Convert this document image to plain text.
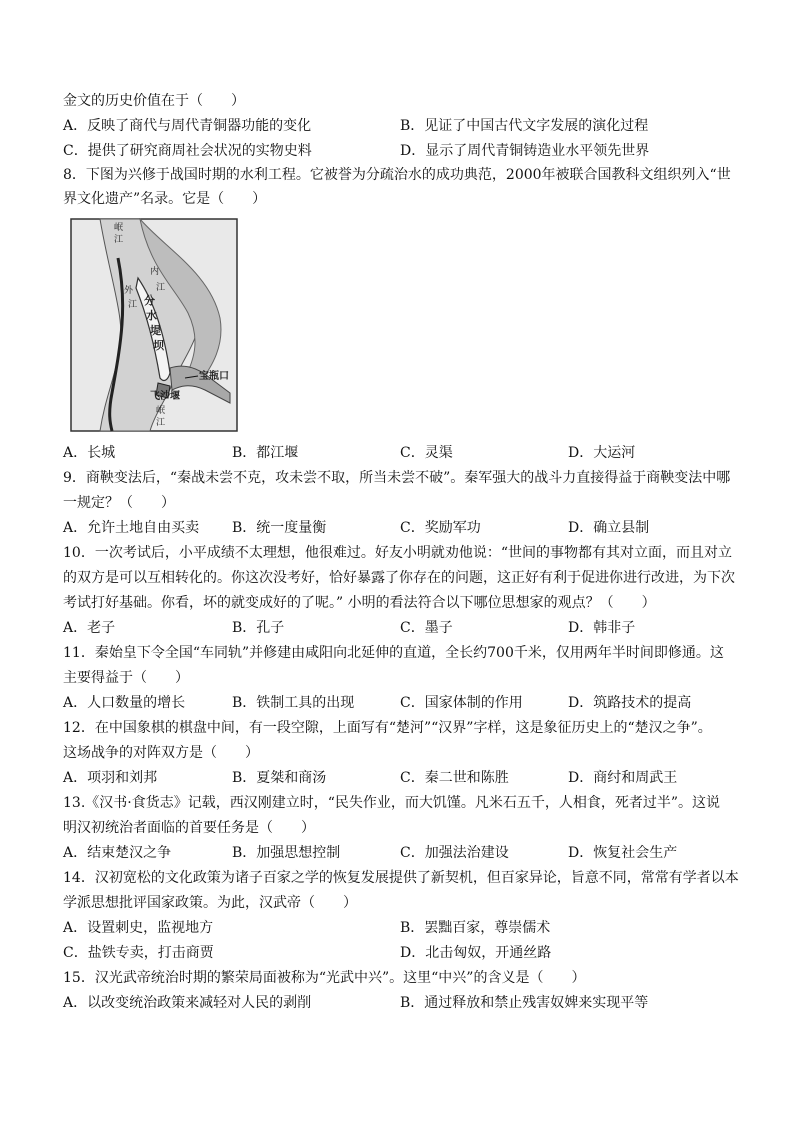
金文的历史价值在于（　　）
A．反映了商代与周代青铜器功能的变化	B．见证了中国古代文字发展的演化过程
C．提供了研究商周社会状况的实物史料	D．显示了周代青铜铸造业水平领先世界
8．下图为兴修于战国时期的水利工程。它被誉为分疏治水的成功典范，2000年被联合国教科文组织列入“世
界文化遗产”名录。它是（　　）
岷
江
内
江
外
江 分
水
堤
坝
宝瓶口
飞沙堰
岷
江
A．长城	B．都江堰	C．灵渠	D．大运河
9．商鞅变法后，“秦战未尝不克，攻未尝不取，所当未尝不破”。秦军强大的战斗力直接得益于商鞅变法中哪
一规定？（　　）
A．允许土地自由买卖 B．统一度量衡	C．奖励军功	D．确立县制
10．一次考试后，小平成绩不太理想，他很难过。好友小明就劝他说：“世间的事物都有其对立面，而且对立
的双方是可以互相转化的。你这次没考好，恰好暴露了你存在的问题，这正好有利于促进你进行改进，为下次
考试打好基础。你看，坏的就变成好的了呢。” 小明的看法符合以下哪位思想家的观点？（　　）
A．老子	B．孔子	C．墨子	D．韩非子
11．秦始皇下令全国“车同轨”并修建由咸阳向北延伸的直道，全长约700千米，仅用两年半时间即修通。这
主要得益于（　　）
A．人口数量的增长	B．铁制工具的出现	C．国家体制的作用	D．筑路技术的提高
12．在中国象棋的棋盘中间，有一段空隙，上面写有“楚河”“汉界”字样，这是象征历史上的“楚汉之争”。
这场战争的对阵双方是（　　）
A．项羽和刘邦	B．夏桀和商汤	C．秦二世和陈胜	D．商纣和周武王
13.《汉书·食货志》记载，西汉刚建立时，“民失作业，而大饥馑。凡米石五千，人相食，死者过半”。这说
明汉初统治者面临的首要任务是（　　）
A．结束楚汉之争	B．加强思想控制	C．加强法治建设	D．恢复社会生产
14．汉初宽松的文化政策为诸子百家之学的恢复发展提供了新契机，但百家异论，旨意不同，常常有学者以本
学派思想批评国家政策。为此，汉武帝（　　）
A．设置刺史，监视地方	B．罢黜百家，尊崇儒术
C．盐铁专卖，打击商贾	D．北击匈奴，开通丝路
15．汉光武帝统治时期的繁荣局面被称为“光武中兴”。这里“中兴”的含义是（　　）
A．以改变统治政策来减轻对人民的剥削	B．通过释放和禁止残害奴婢来实现平等
